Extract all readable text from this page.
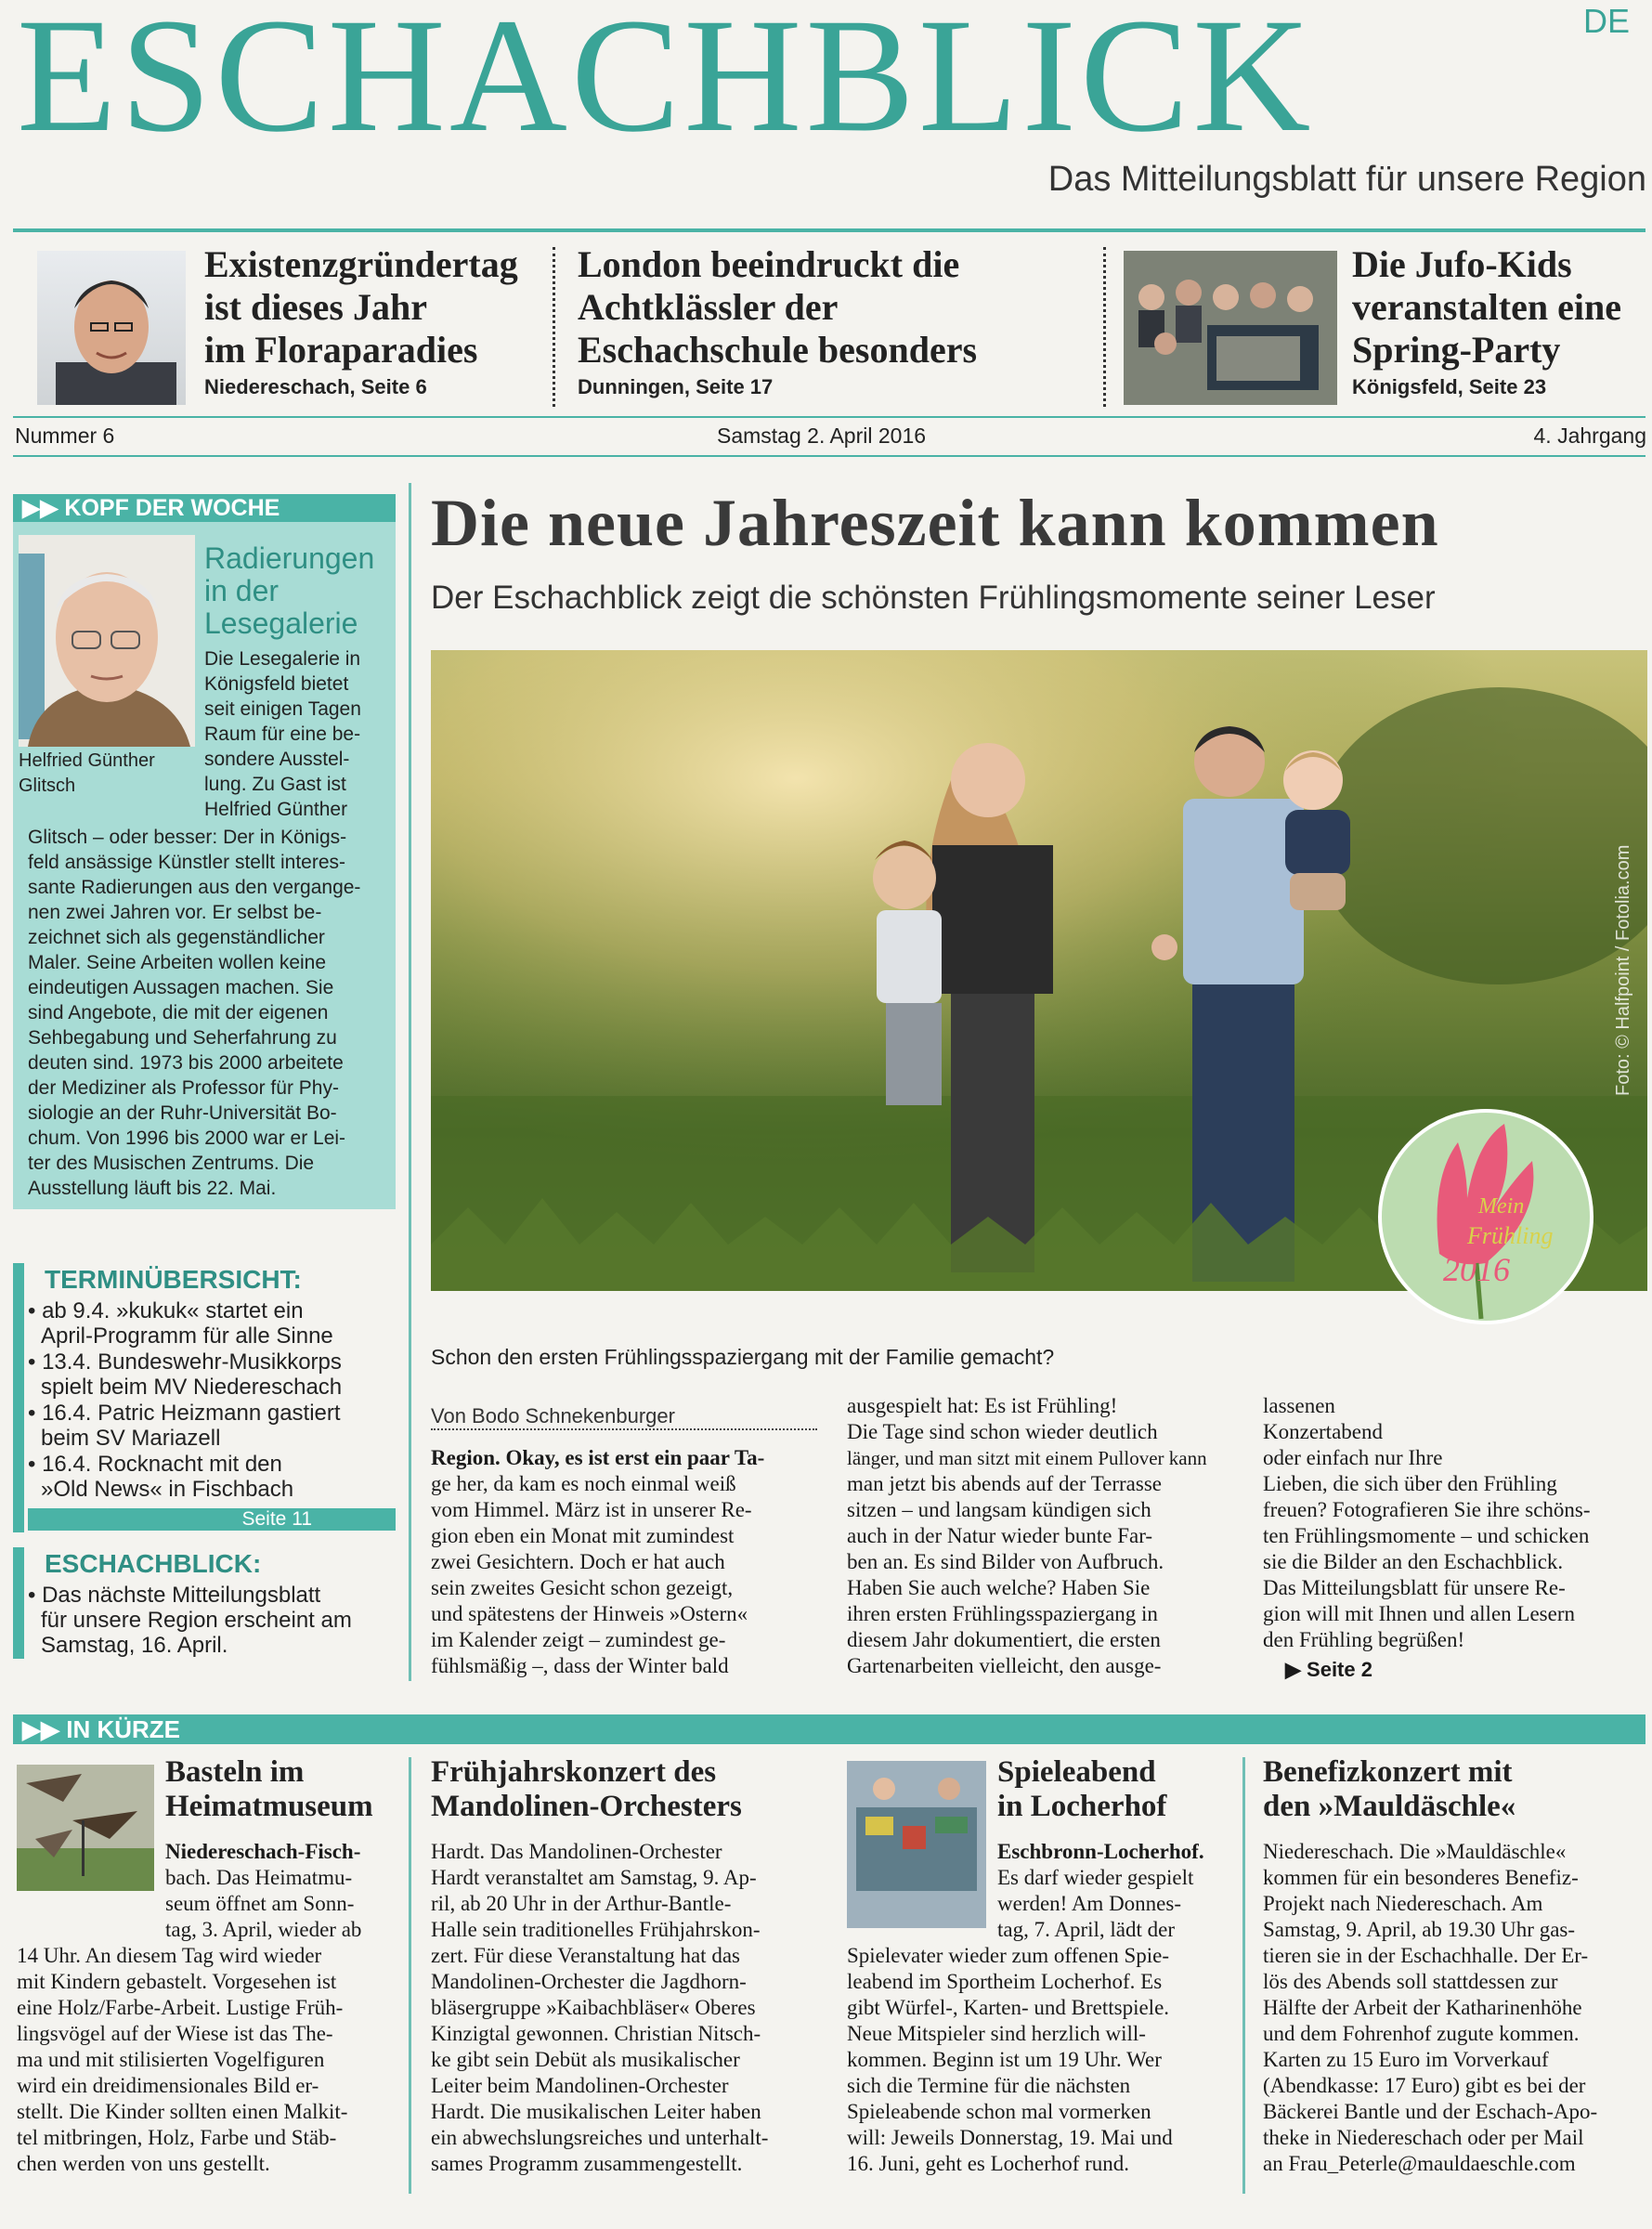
ESCHACHBLICK	DE
Das Mitteilungsblatt für unsere Region
Existenzgründertag
ist dieses Jahr
im Floraparadies
Niedereschach, Seite 6
London beeindruckt die
Achtklässler der
Eschachschule besonders
Dunningen, Seite 17
Die Jufo-Kids
veranstalten eine
Spring-Party
Königsfeld, Seite 23
Nummer 6	Samstag 2. April 2016	4. Jahrgang
▶▶ KOPF DER WOCHE
Radierungen
in der
Lesegalerie
Helfried Günther
Glitsch
Die Lesegalerie in
Königsfeld bietet
seit einigen Tagen
Raum für eine be-
sondere Ausstel-
lung. Zu Gast ist
Helfried Günther
Glitsch – oder besser: Der in Königs-
feld ansässige Künstler stellt interes-
sante Radierungen aus den vergange-
nen zwei Jahren vor. Er selbst be-
zeichnet sich als gegenständlicher
Maler. Seine Arbeiten wollen keine
eindeutigen Aussagen machen. Sie
sind Angebote, die mit der eigenen
Sehbegabung und Seherfahrung zu
deuten sind. 1973 bis 2000 arbeitete
der Mediziner als Professor für Phy-
siologie an der Ruhr-Universität Bo-
chum. Von 1996 bis 2000 war er Lei-
ter des Musischen Zentrums. Die
Ausstellung läuft bis 22. Mai.
TERMINÜBERSICHT:
• ab 9.4. »kukuk« startet ein
April-Programm für alle Sinne
• 13.4. Bundeswehr-Musikkorps
spielt beim MV Niedereschach
• 16.4. Patric Heizmann gastiert
beim SV Mariazell
• 16.4. Rocknacht mit den
»Old News« in Fischbach
Seite 11
ESCHACHBLICK:
• Das nächste Mitteilungsblatt
für unsere Region erscheint am
Samstag, 16. April.
Die neue Jahreszeit kann kommen
Der Eschachblick zeigt die schönsten Frühlingsmomente seiner Leser
Foto: © Halfpoint / Fotolia.com
Mein
Frühling
2016
Schon den ersten Frühlingsspaziergang mit der Familie gemacht?
Von Bodo Schnekenburger
Region. Okay, es ist erst ein paar Ta-
ge her, da kam es noch einmal weiß
vom Himmel. März ist in unserer Re-
gion eben ein Monat mit zumindest
zwei Gesichtern. Doch er hat auch
sein zweites Gesicht schon gezeigt,
und spätestens der Hinweis »Ostern«
im Kalender zeigt – zumindest ge-
fühlsmäßig –, dass der Winter bald
ausgespielt hat: Es ist Frühling!
Die Tage sind schon wieder deutlich
länger, und man sitzt mit einem Pullover kann
man jetzt bis abends auf der Terrasse
sitzen – und langsam kündigen sich
auch in der Natur wieder bunte Far-
ben an. Es sind Bilder von Aufbruch.
Haben Sie auch welche? Haben Sie
ihren ersten Frühlingsspaziergang in
diesem Jahr dokumentiert, die ersten
Gartenarbeiten vielleicht, den ausge-
lassenen
Konzertabend
oder einfach nur Ihre
Lieben, die sich über den Frühling
freuen? Fotografieren Sie ihre schöns-
ten Frühlingsmomente – und schicken
sie die Bilder an den Eschachblick.
Das Mitteilungsblatt für unsere Re-
gion will mit Ihnen und allen Lesern
den Frühling begrüßen!
▶ Seite 2
▶▶ IN KÜRZE
Basteln im
Heimatmuseum
Niedereschach-Fisch-
bach. Das Heimatmu-
seum öffnet am Sonn-
tag, 3. April, wieder ab
14 Uhr. An diesem Tag wird wieder
mit Kindern gebastelt. Vorgesehen ist
eine Holz/Farbe-Arbeit. Lustige Früh-
lingsvögel auf der Wiese ist das The-
ma und mit stilisierten Vogelfiguren
wird ein dreidimensionales Bild er-
stellt. Die Kinder sollten einen Malkit-
tel mitbringen, Holz, Farbe und Stäb-
chen werden von uns gestellt.
Frühjahrskonzert des
Mandolinen-Orchesters
Hardt. Das Mandolinen-Orchester
Hardt veranstaltet am Samstag, 9. Ap-
ril, ab 20 Uhr in der Arthur-Bantle-
Halle sein traditionelles Frühjahrskon-
zert. Für diese Veranstaltung hat das
Mandolinen-Orchester die Jagdhorn-
bläsergruppe »Kaibachbläser« Oberes
Kinzigtal gewonnen. Christian Nitsch-
ke gibt sein Debüt als musikalischer
Leiter beim Mandolinen-Orchester
Hardt. Die musikalischen Leiter haben
ein abwechslungsreiches und unterhalt-
sames Programm zusammengestellt.
Spieleabend
in Locherhof
Eschbronn-Locherhof.
Es darf wieder gespielt
werden! Am Donnes-
tag, 7. April, lädt der
Spielevater wieder zum offenen Spie-
leabend im Sportheim Locherhof. Es
gibt Würfel-, Karten- und Brettspiele.
Neue Mitspieler sind herzlich will-
kommen. Beginn ist um 19 Uhr. Wer
sich die Termine für die nächsten
Spieleabende schon mal vormerken
will: Jeweils Donnerstag, 19. Mai und
16. Juni, geht es Locherhof rund.
Benefizkonzert mit
den »Mauldäschle«
Niedereschach. Die »Mauldäschle«
kommen für ein besonderes Benefiz-
Projekt nach Niedereschach. Am
Samstag, 9. April, ab 19.30 Uhr gas-
tieren sie in der Eschachhalle. Der Er-
lös des Abends soll stattdessen zur
Hälfte der Arbeit der Katharinenhöhe
und dem Fohrenhof zugute kommen.
Karten zu 15 Euro im Vorverkauf
(Abendkasse: 17 Euro) gibt es bei der
Bäckerei Bantle und der Eschach-Apo-
theke in Niedereschach oder per Mail
an Frau_Peterle@mauldaeschle.com
